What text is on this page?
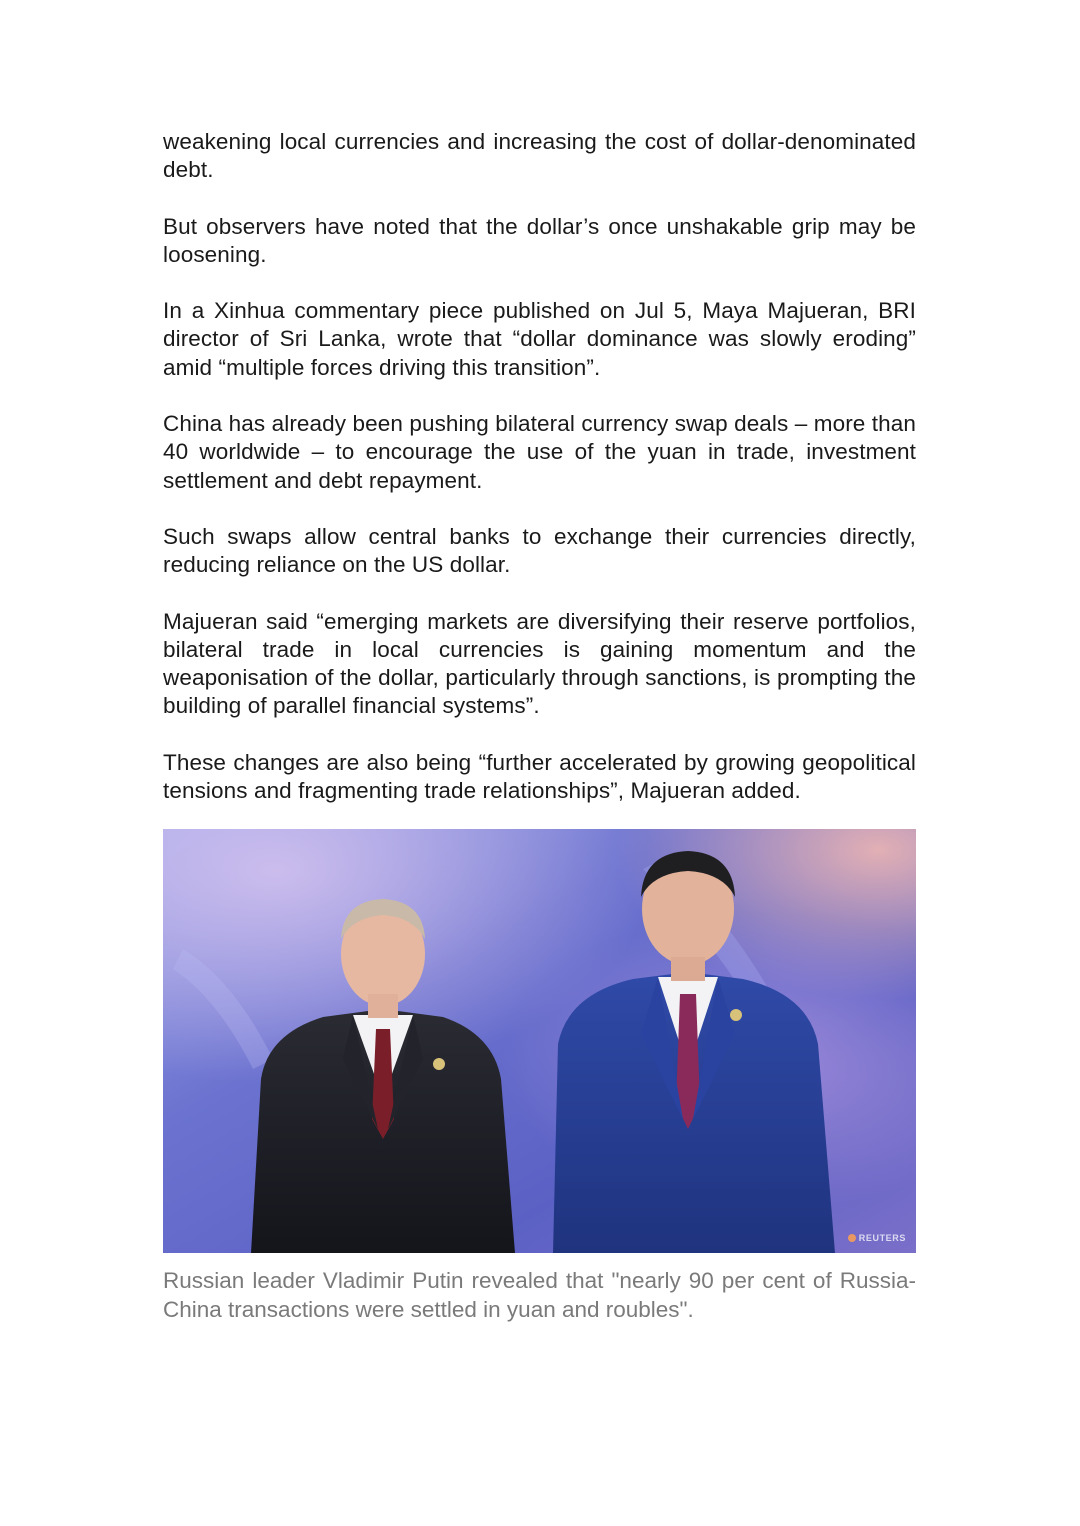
weakening local currencies and increasing the cost of dollar-denominated debt.

But observers have noted that the dollar’s once unshakable grip may be loosening.

In a Xinhua commentary piece published on Jul 5, Maya Majueran, BRI director of Sri Lanka, wrote that “dollar dominance was slowly eroding” amid “multiple forces driving this transition”.

China has already been pushing bilateral currency swap deals – more than 40 worldwide – to encourage the use of the yuan in trade, investment settlement and debt repayment.

Such swaps allow central banks to exchange their currencies directly, reducing reliance on the US dollar.

Majueran said “emerging markets are diversifying their reserve portfolios, bilateral trade in local currencies is gaining momentum and the weaponisation of the dollar, particularly through sanctions, is prompting the building of parallel financial systems”.

These changes are also being “further accelerated by growing geopolitical tensions and fragmenting trade relationships”, Majueran added.

REUTERS

Russian leader Vladimir Putin revealed that "nearly 90 per cent of Russia-China transactions were settled in yuan and roubles".
